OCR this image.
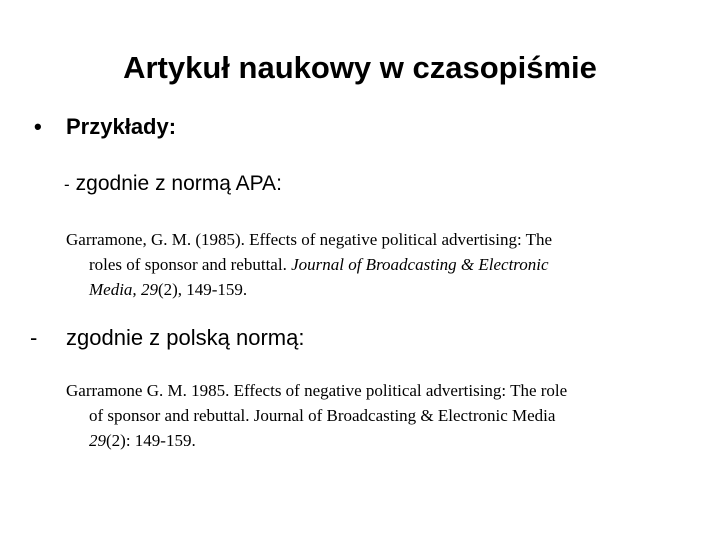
Artykuł naukowy w czasopiśmie
• Przykłady:
- zgodnie z normą APA:
Garramone, G. M. (1985). Effects of negative political advertising: The
roles of sponsor and rebuttal. Journal of Broadcasting & Electronic
Media, 29(2), 149-159.
- zgodnie z polską normą:
Garramone G. M. 1985. Effects of negative political advertising: The role
of sponsor and rebuttal. Journal of Broadcasting & Electronic Media
29(2): 149-159.
